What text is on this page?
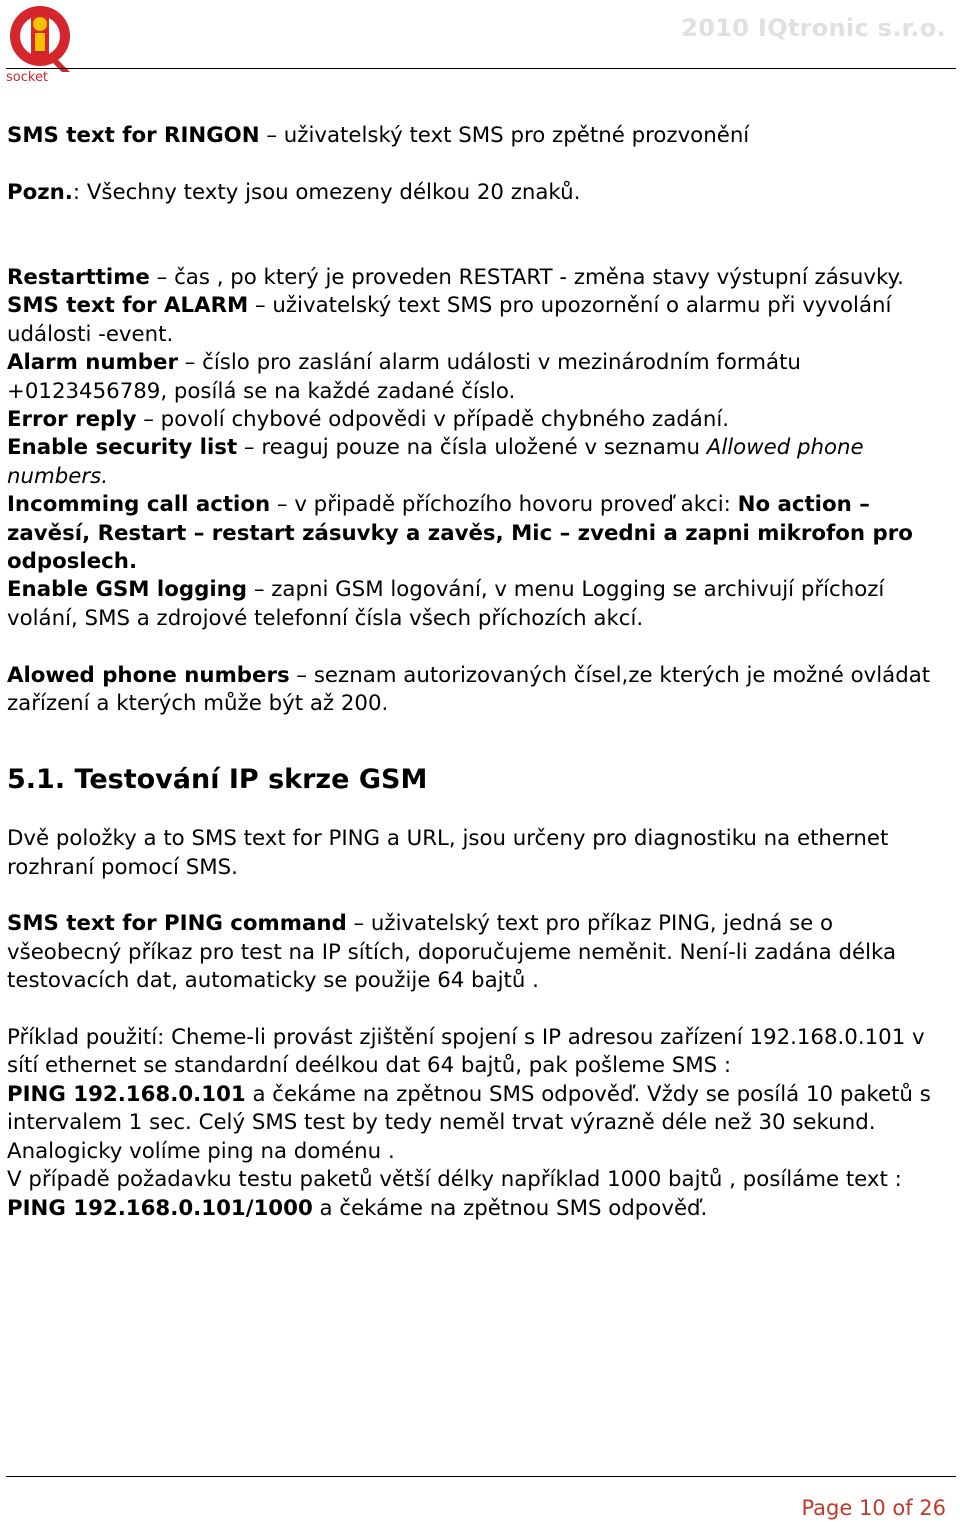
socket
2010 IQtronic s.r.o.

SMS text for RINGON – uživatelský text SMS pro zpětné prozvonění

Pozn.: Všechny texty jsou omezeny délkou 20 znaků.

Restarttime – čas , po který je proveden RESTART - změna stavy výstupní zásuvky.

SMS text for ALARM – uživatelský text SMS pro upozornění o alarmu při vyvolání události -event.

Alarm number – číslo pro zaslání alarm události v mezinárodním formátu +0123456789, posílá se na každé zadané číslo.

Error reply – povolí chybové odpovědi v případě chybného zadání.

Enable security list – reaguj pouze na čísla uložené v seznamu Allowed phone numbers.

Incomming call action – v připadě příchozího hovoru proveď akci: No action – zavěsí, Restart – restart zásuvky a zavěs, Mic – zvedni a zapni mikrofon pro odposlech.

Enable GSM logging – zapni GSM logování, v menu Logging se archivují příchozí volání, SMS a zdrojové telefonní čísla všech příchozích akcí.

Alowed phone numbers – seznam autorizovaných čísel,ze kterých je možné ovládat zařízení a kterých může být až 200.

5.1. Testování IP skrze GSM

Dvě položky a to SMS text for PING a URL, jsou určeny pro diagnostiku na ethernet rozhraní pomocí SMS.

SMS text for PING command – uživatelský text pro příkaz PING, jedná se o všeobecný příkaz pro test na IP sítích, doporučujeme neměnit. Není-li zadána délka testovacích dat, automaticky se použije 64 bajtů .

Příklad použití: Cheme-li provást zjištění spojení s IP adresou zařízení 192.168.0.101 v sítí ethernet se standardní deélkou dat 64 bajtů, pak pošleme SMS :

PING 192.168.0.101 a čekáme na zpětnou SMS odpověď. Vždy se posílá 10 paketů s intervalem 1 sec. Celý SMS test by tedy neměl trvat výrazně déle než 30 sekund.

Analogicky volíme ping na doménu .

V případě požadavku testu paketů větší délky například 1000 bajtů , posíláme text :

PING 192.168.0.101/1000 a čekáme na zpětnou SMS odpověď.

Page 10 of 26
